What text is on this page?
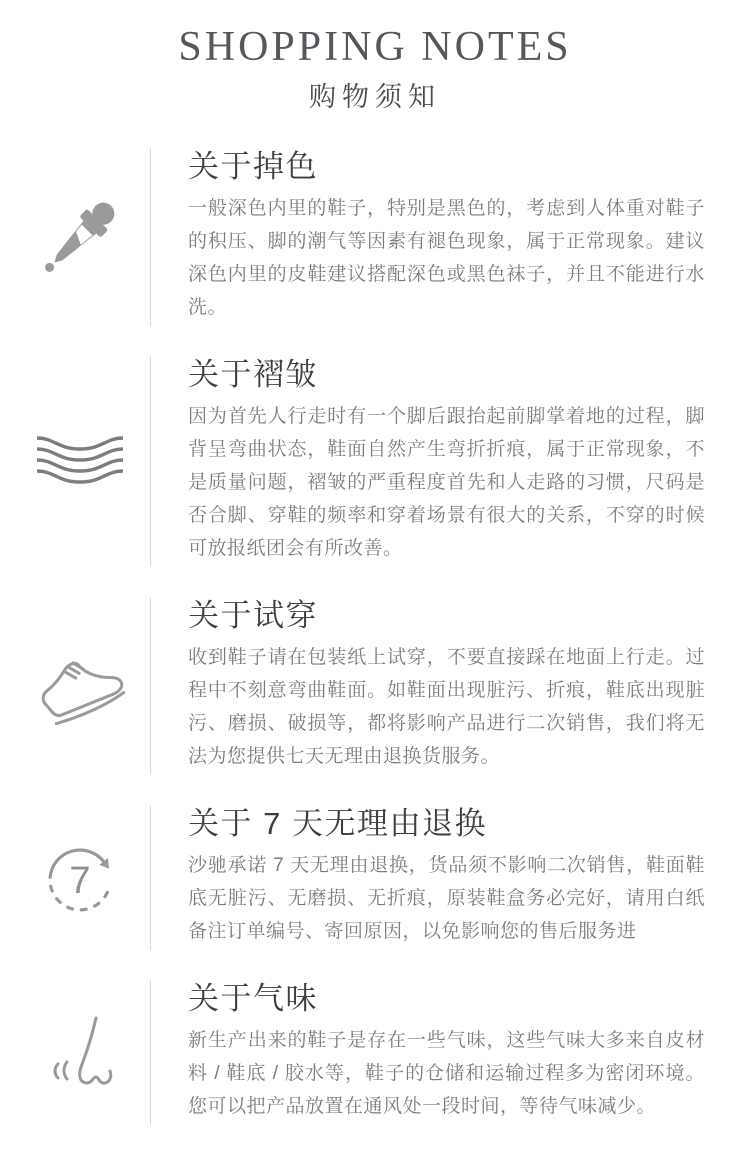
SHOPPING NOTES
购物须知
关于掉色

一般深色内里的鞋子，特别是黑色的，考虑到人体重对鞋子的积压、脚的潮气等因素有褪色现象，属于正常现象。建议深色内里的皮鞋建议搭配深色或黑色袜子，并且不能进行水洗。

关于褶皱

因为首先人行走时有一个脚后跟抬起前脚掌着地的过程，脚背呈弯曲状态，鞋面自然产生弯折折痕，属于正常现象，不是质量问题，褶皱的严重程度首先和人走路的习惯，尺码是否合脚、穿鞋的频率和穿着场景有很大的关系，不穿的时候可放报纸团会有所改善。

关于试穿

收到鞋子请在包装纸上试穿，不要直接踩在地面上行走。过程中不刻意弯曲鞋面。如鞋面出现脏污、折痕，鞋底出现脏污、磨损、破损等，都将影响产品进行二次销售，我们将无法为您提供七天无理由退换货服务。

7
关于 7 天无理由退换

沙驰承诺 7 天无理由退换，货品须不影响二次销售，鞋面鞋底无脏污、无磨损、无折痕，原装鞋盒务必完好，请用白纸备注订单编号、寄回原因，以免影响您的售后服务进

关于气味

新生产出来的鞋子是存在一些气味，这些气味大多来自皮材料 / 鞋底 / 胶水等，鞋子的仓储和运输过程多为密闭环境。您可以把产品放置在通风处一段时间，等待气味减少。
